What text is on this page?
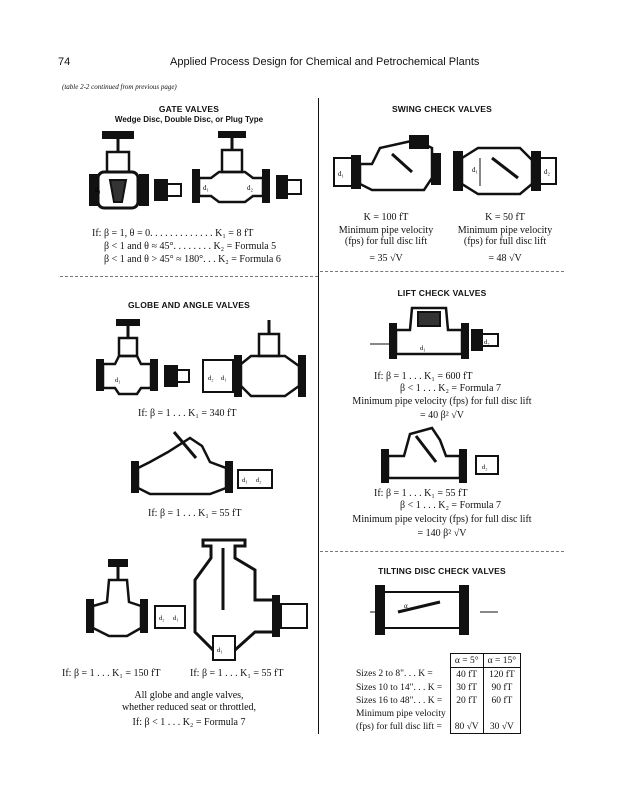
74	Applied Process Design for Chemical and Petrochemical Plants
(table 2-2 continued from previous page)
GATE VALVES
Wedge Disc, Double Disc, or Plug Type
d₁	d₁	d₂
If: β = 1, θ = 0. . . . . . . . . . . . . K₁ = 8 fT
β < 1 and θ ≈ 45°. . . . . . . . K₂ = Formula 5
β < 1 and θ > 45° ≈ 180°. . . K₂ = Formula 6
SWING CHECK VALVES
d₁	d₁	d₂
K = 100 fT
Minimum pipe velocity
(fps) for full disc lift
= 35 √V
K = 50 fT
Minimum pipe velocity
(fps) for full disc lift
= 48 √V
GLOBE AND ANGLE VALVES
d₁	d₂ d₁
If: β = 1 . . . K₁ = 340 fT
d₁ d₂
If: β = 1 . . . K₁ = 55 fT
d₂ d₁
d₁
If: β = 1 . . . K₁ = 150 fT	If: β = 1 . . . K₁ = 55 fT
All globe and angle valves,
whether reduced seat or throttled,
If: β < 1 . . . K₂ = Formula 7
LIFT CHECK VALVES
d₁
d₂
If: β = 1 . . . K₁ = 600 fT
β < 1 . . . K₂ = Formula 7
Minimum pipe velocity (fps) for full disc lift
= 40 β² √V
d₂
If: β = 1 . . . K₁ = 55 fT
β < 1 . . . K₂ = Formula 7
Minimum pipe velocity (fps) for full disc lift
= 140 β² √V
TILTING DISC CHECK VALVES
α
	α = 5°	α = 15°
Sizes 2 to 8". . . K =	40 fT	120 fT
Sizes 10 to 14". . . K =	30 fT	90 fT
Sizes 16 to 48". . . K =	20 fT	60 fT
Minimum pipe velocity		
(fps) for full disc lift =	80 √V	30 √V
